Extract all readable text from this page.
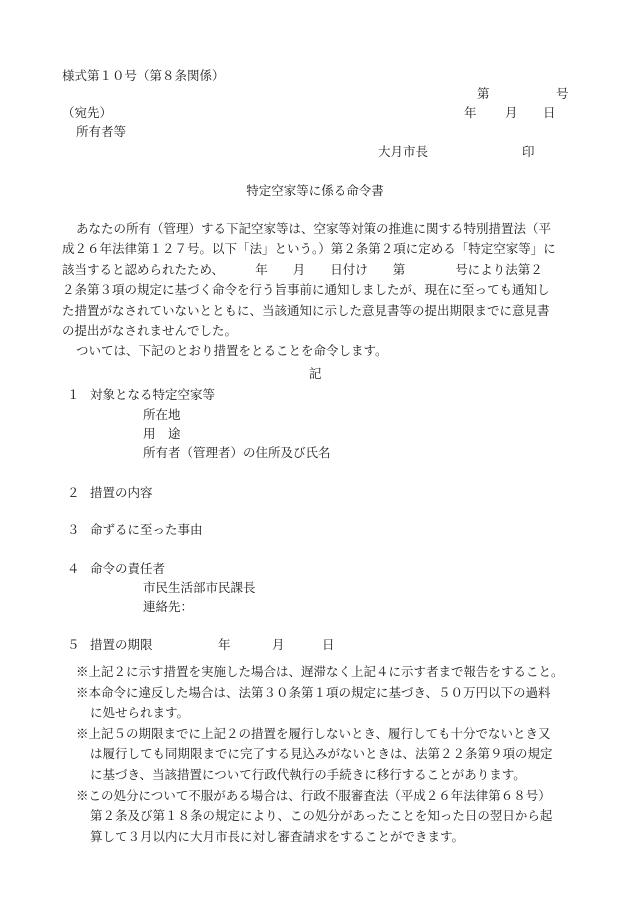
様式第１０号（第８条関係）
第	号
（宛先）	年 月 日
所有者等
大月市長	印
特定空家等に係る命令書
あなたの所有（管理）する下記空家等は、空家等対策の推進に関する特別措置法（平
成２６年法律第１２７号。以下「法」という。）第２条第２項に定める「特定空家等」に
該当すると認められたため、　　　年　　月　　日付け　　第　　　　号により法第２
２条第３項の規定に基づく命令を行う旨事前に通知しましたが、現在に至っても通知し
た措置がなされていないとともに、当該通知に示した意見書等の提出期限までに意見書
の提出がなされませんでした。
ついては、下記のとおり措置をとることを命令します。
記
１ 対象となる特定空家等
所在地
用　途
所有者（管理者）の住所及び氏名
２ 措置の内容
３ 命ずるに至った事由
４ 命令の責任者
市民生活部市民課長
連絡先：
５ 措置の期限	年	月	日
※上記２に示す措置を実施した場合は、遅滞なく上記４に示す者まで報告をすること。
※本命令に違反した場合は、法第３０条第１項の規定に基づき、５０万円以下の過料
に処せられます。
※上記５の期限までに上記２の措置を履行しないとき、履行しても十分でないとき又
は履行しても同期限までに完了する見込みがないときは、法第２２条第９項の規定
に基づき、当該措置について行政代執行の手続きに移行することがあります。
※この処分について不服がある場合は、行政不服審査法（平成２６年法律第６８号）
第２条及び第１８条の規定により、この処分があったことを知った日の翌日から起
算して３月以内に大月市長に対し審査請求をすることができます。
